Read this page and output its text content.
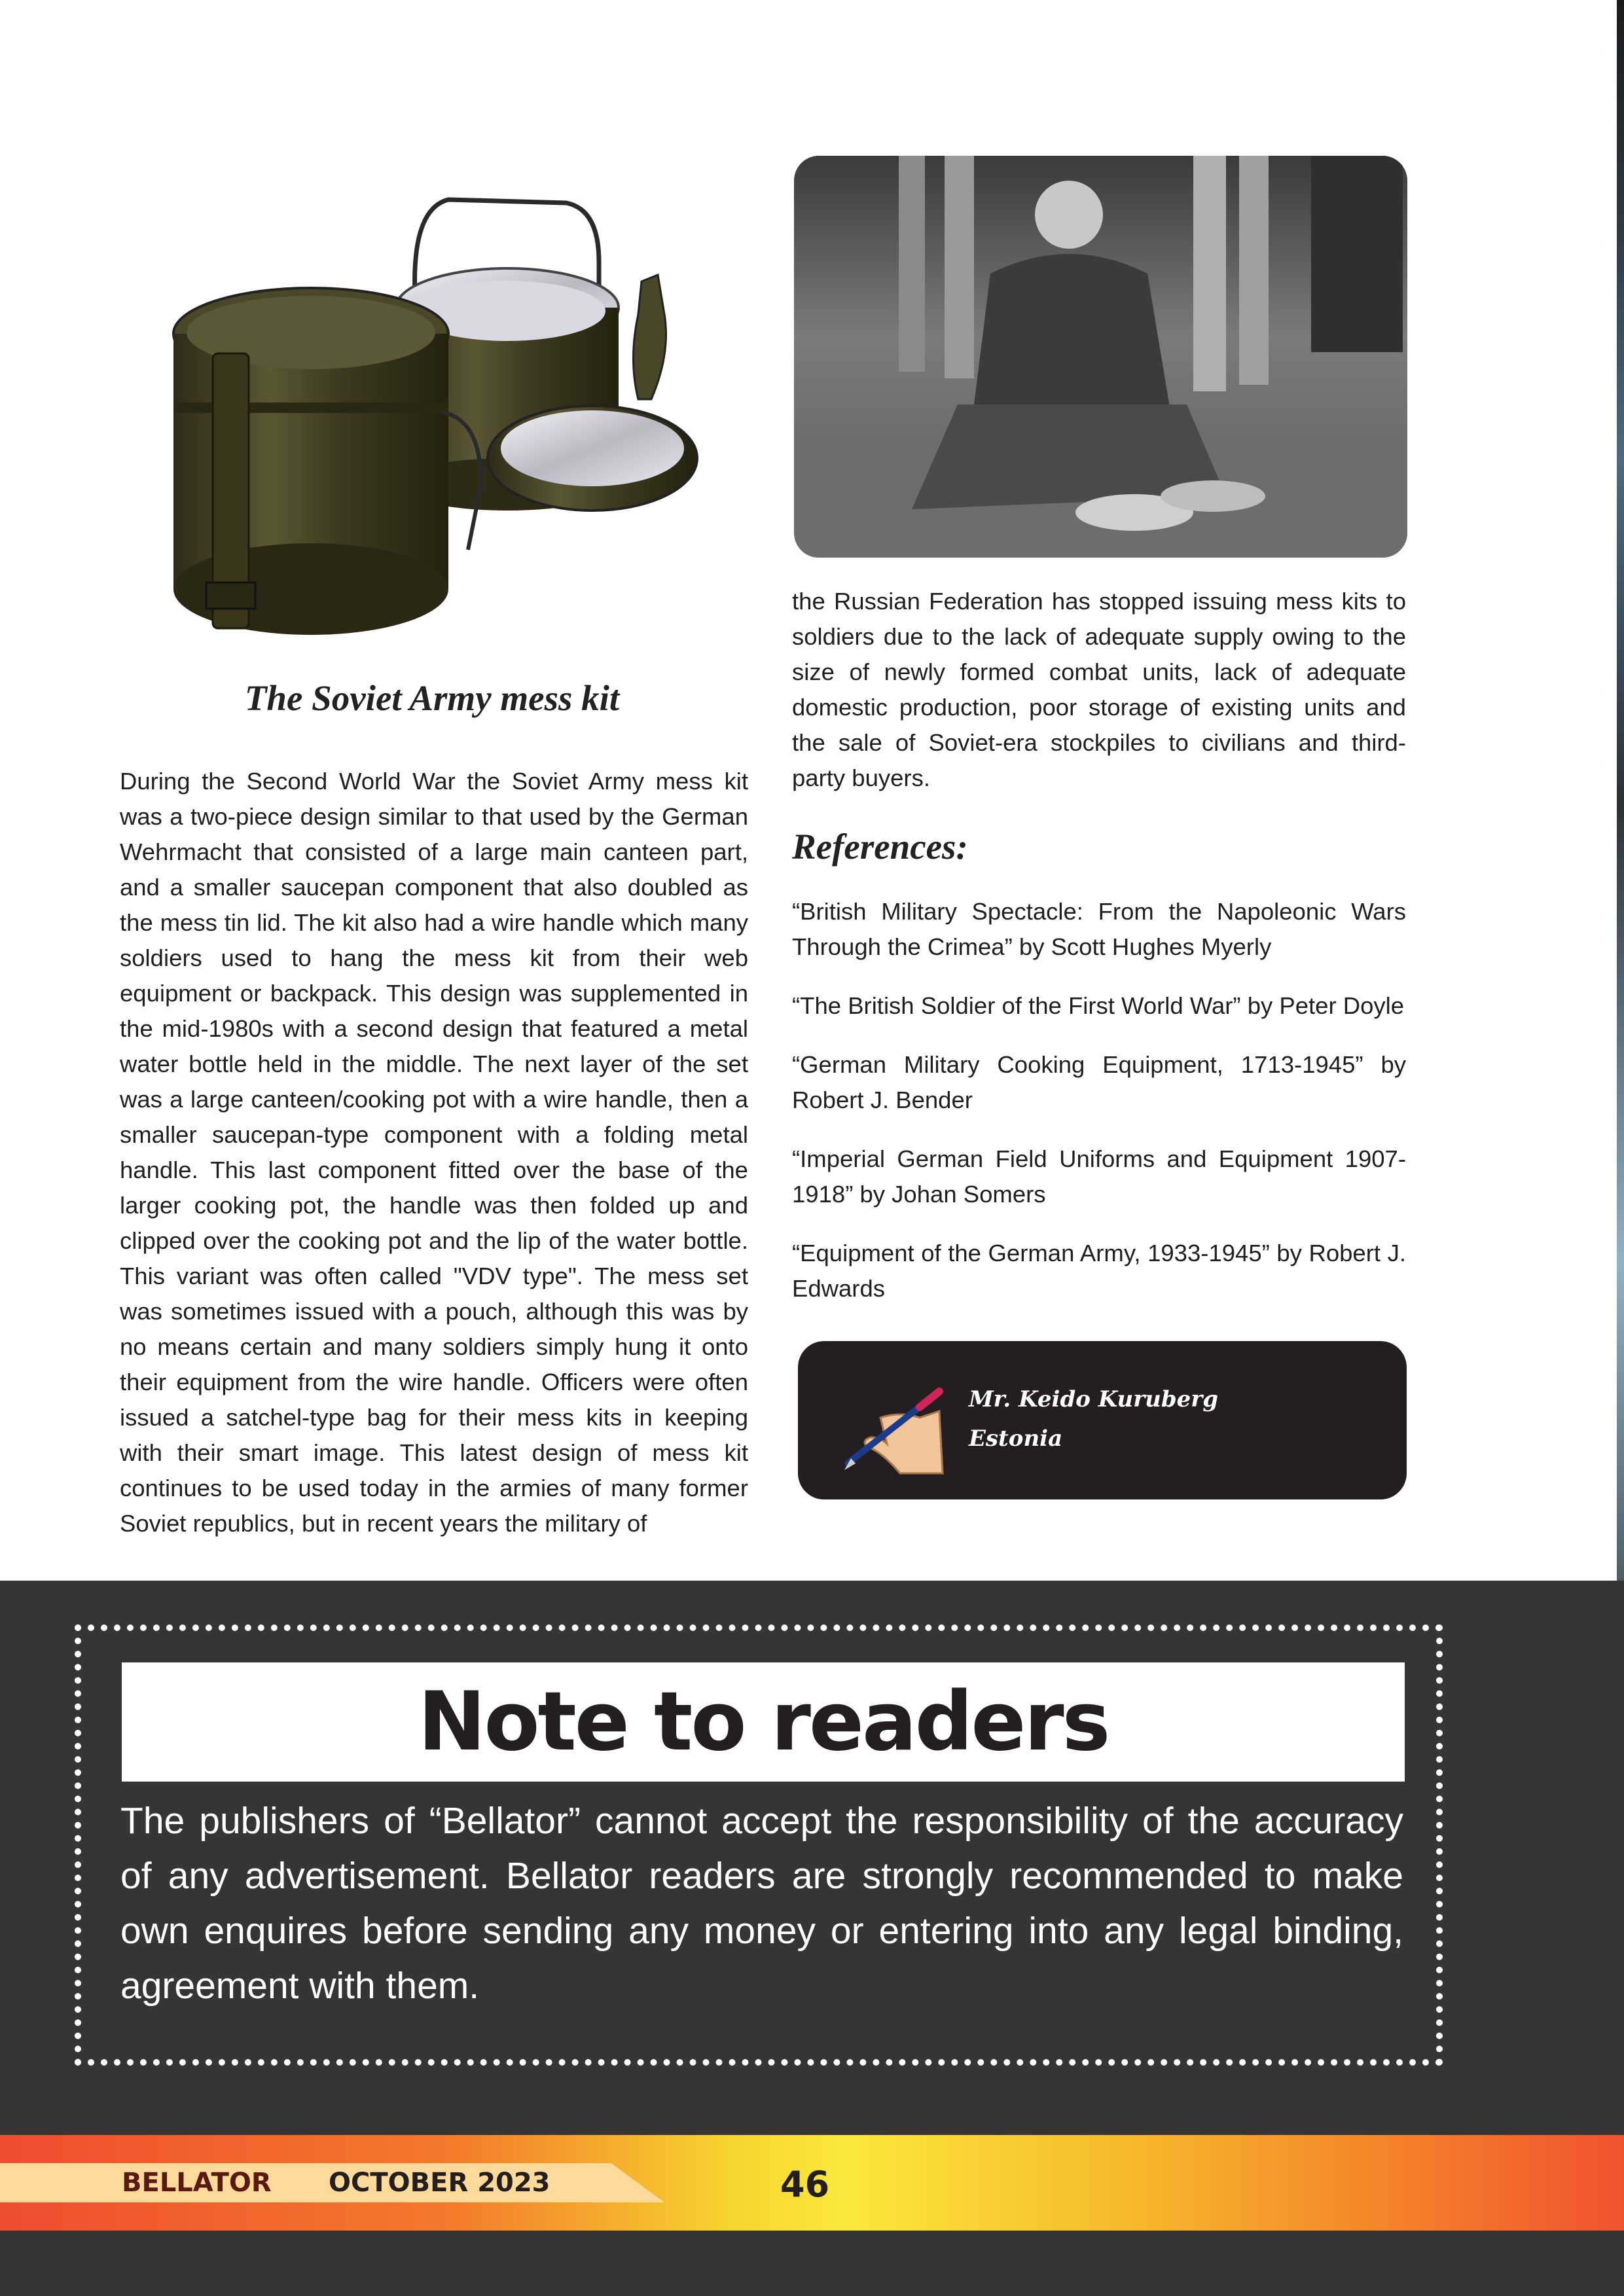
The Soviet Army mess kit

During the Second World War the Soviet Army mess kit was a two-piece design similar to that used by the German Wehrmacht that consisted of a large main canteen part, and a smaller saucepan component that also doubled as the mess tin lid. The kit also had a wire handle which many soldiers used to hang the mess kit from their web equipment or backpack. This design was supplemented in the mid-1980s with a second design that featured a metal water bottle held in the middle. The next layer of the set was a large canteen/cooking pot with a wire handle, then a smaller saucepan-type component with a folding metal handle. This last component fitted over the base of the larger cooking pot, the handle was then folded up and clipped over the cooking pot and the lip of the water bottle. This variant was often called "VDV type". The mess set was sometimes issued with a pouch, although this was by no means certain and many soldiers simply hung it onto their equipment from the wire handle. Officers were often issued a satchel-type bag for their mess kits in keeping with their smart image. This latest design of mess kit continues to be used today in the armies of many former Soviet republics, but in recent years the military of

the Russian Federation has stopped issuing mess kits to soldiers due to the lack of adequate supply owing to the size of newly formed combat units, lack of adequate domestic production, poor storage of existing units and the sale of Soviet-era stockpiles to civilians and third-party buyers.

References:
“British Military Spectacle: From the Napoleonic Wars Through the Crimea” by Scott Hughes Myerly
“The British Soldier of the First World War” by Peter Doyle
“German Military Cooking Equipment, 1713-1945” by Robert J. Bender
“Imperial German Field Uniforms and Equipment 1907-1918” by Johan Somers
“Equipment of the German Army, 1933-1945” by Robert J. Edwards
Mr. Keido Kuruberg
Estonia
Note to readers

The publishers of “Bellator” cannot accept the responsibility of the accuracy of any advertisement. Bellator readers are strongly recommended to make own enquires before sending any money or entering into any legal binding, agreement with them.

BELLATOR OCTOBER 2023	46
